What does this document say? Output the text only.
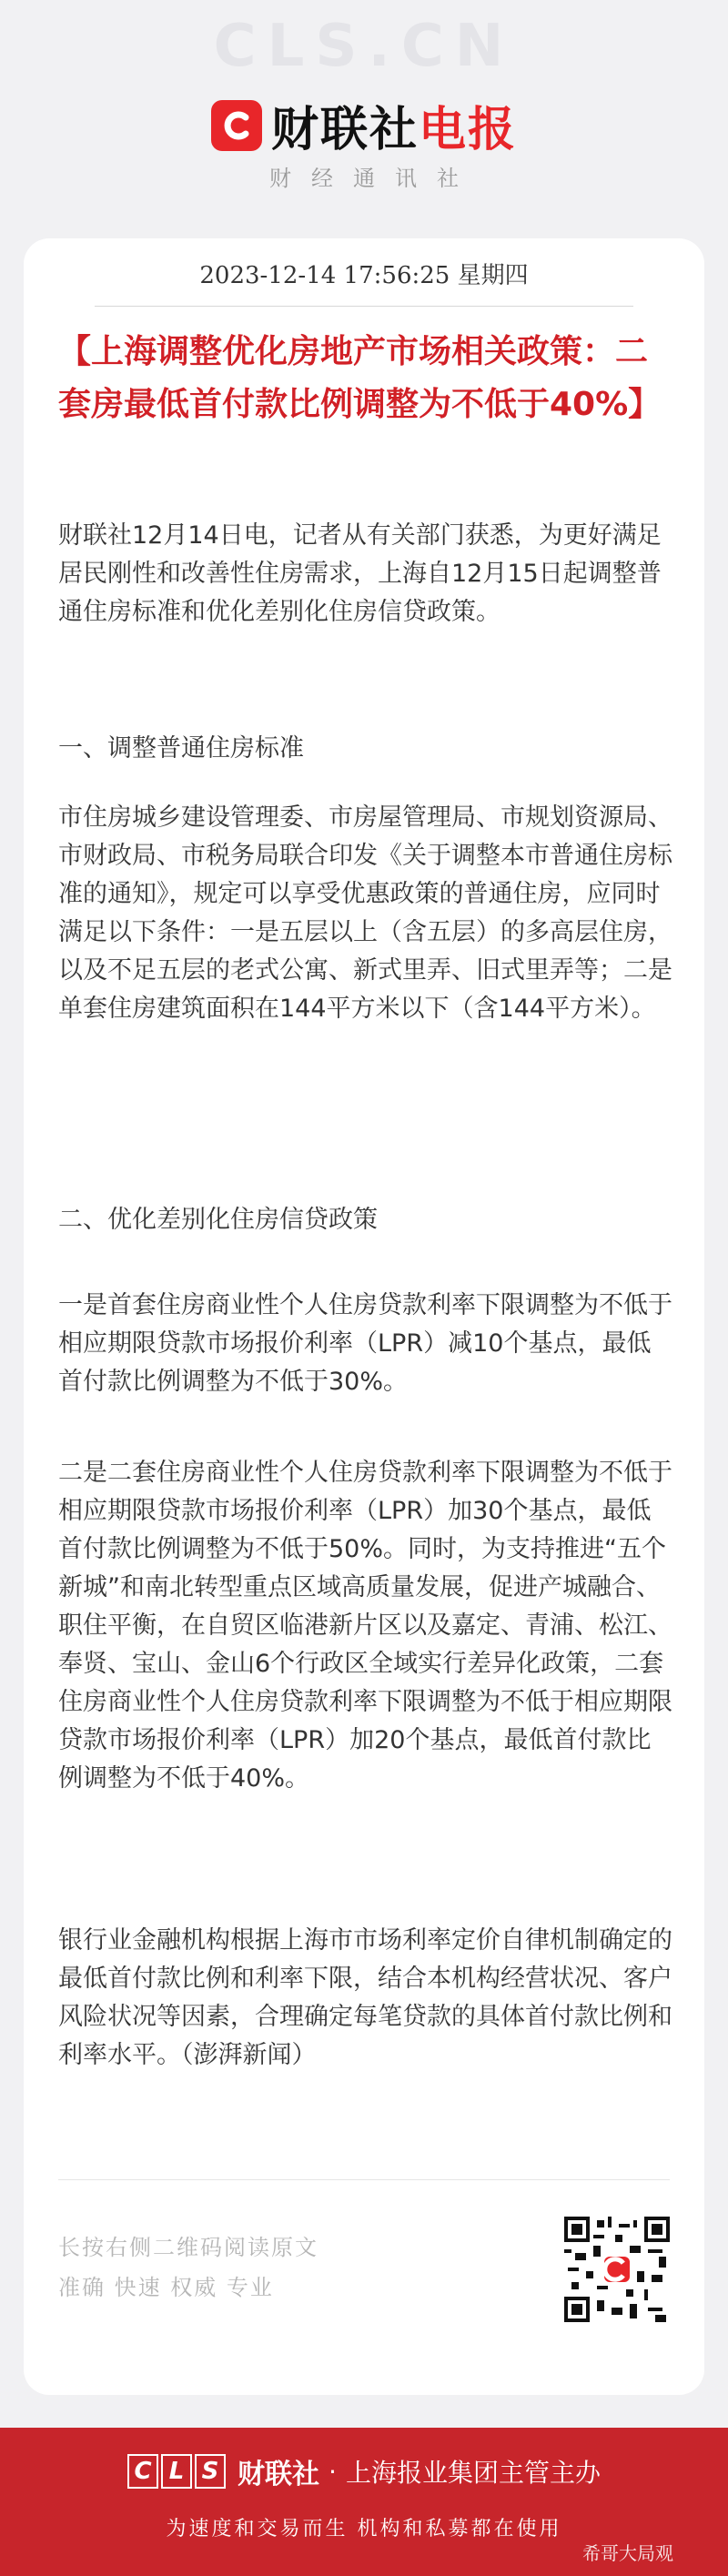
CLS.CN
财联社电报
财经通讯社
2023-12-14 17:56:25 星期四
【上海调整优化房地产市场相关政策：二套房最低首付款比例调整为不低于40%】
财联社12月14日电，记者从有关部门获悉，为更好满足居民刚性和改善性住房需求，上海自12月15日起调整普通住房标准和优化差别化住房信贷政策。
一、调整普通住房标准
市住房城乡建设管理委、市房屋管理局、市规划资源局、市财政局、市税务局联合印发《关于调整本市普通住房标准的通知》，规定可以享受优惠政策的普通住房，应同时满足以下条件：一是五层以上（含五层）的多高层住房，以及不足五层的老式公寓、新式里弄、旧式里弄等；二是单套住房建筑面积在144平方米以下（含144平方米）。
二、优化差别化住房信贷政策
一是首套住房商业性个人住房贷款利率下限调整为不低于相应期限贷款市场报价利率（LPR）减10个基点，最低首付款比例调整为不低于30%。
二是二套住房商业性个人住房贷款利率下限调整为不低于相应期限贷款市场报价利率（LPR）加30个基点，最低首付款比例调整为不低于50%。同时，为支持推进“五个新城”和南北转型重点区域高质量发展，促进产城融合、职住平衡，在自贸区临港新片区以及嘉定、青浦、松江、奉贤、宝山、金山6个行政区全域实行差异化政策，二套住房商业性个人住房贷款利率下限调整为不低于相应期限贷款市场报价利率（LPR）加20个基点，最低首付款比例调整为不低于40%。
银行业金融机构根据上海市市场利率定价自律机制确定的最低首付款比例和利率下限，结合本机构经营状况、客户风险状况等因素，合理确定每笔贷款的具体首付款比例和利率水平。（澎湃新闻）
长按右侧二维码阅读原文
准确 快速 权威 专业
C L S 财联社 · 上海报业集团主管主办
为速度和交易而生 机构和私募都在使用
希哥大局观
